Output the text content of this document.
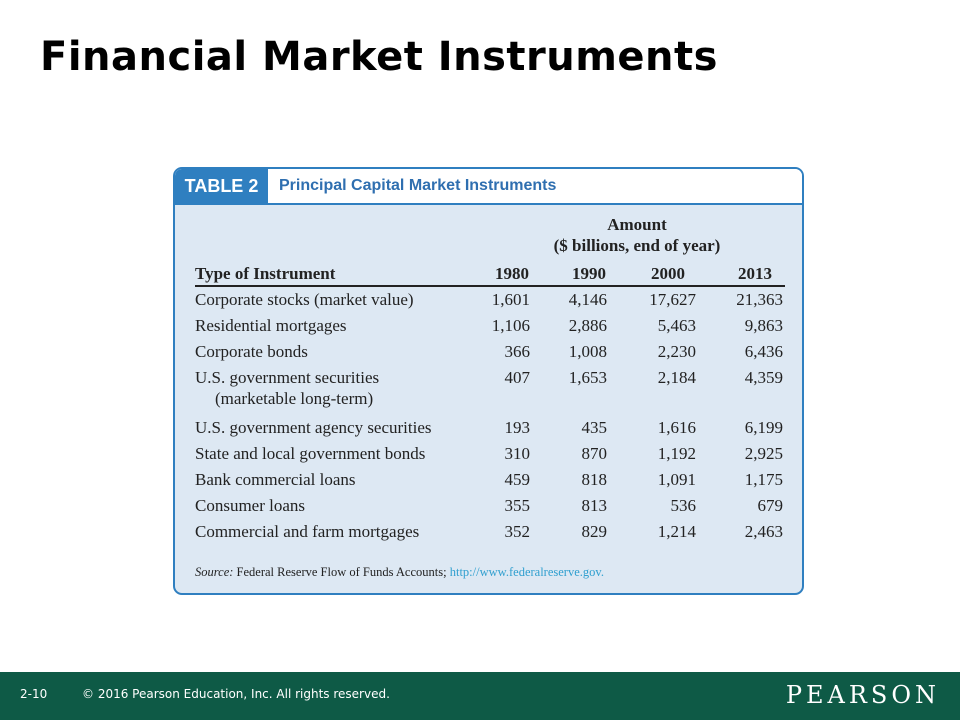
Financial Market Instruments
TABLE 2	Principal Capital Market Instruments
Amount
($ billions, end of year)
Type of Instrument	1980	1990	2000	2013
Corporate stocks (market value)	1,601	4,146	17,627	21,363
Residential mortgages	1,106	2,886	5,463	9,863
Corporate bonds	366	1,008	2,230	6,436
U.S. government securities
(marketable long-term)
407	1,653	2,184	4,359
U.S. government agency securities	193	435	1,616	6,199
State and local government bonds	310	870	1,192	2,925
Bank commercial loans	459	818	1,091	1,175
Consumer loans	355	813	536	679
Commercial and farm mortgages	352	829	1,214	2,463
Source: Federal Reserve Flow of Funds Accounts; http://www.federalreserve.gov.
2-10	© 2016 Pearson Education, Inc. All rights reserved.	PEARSON
